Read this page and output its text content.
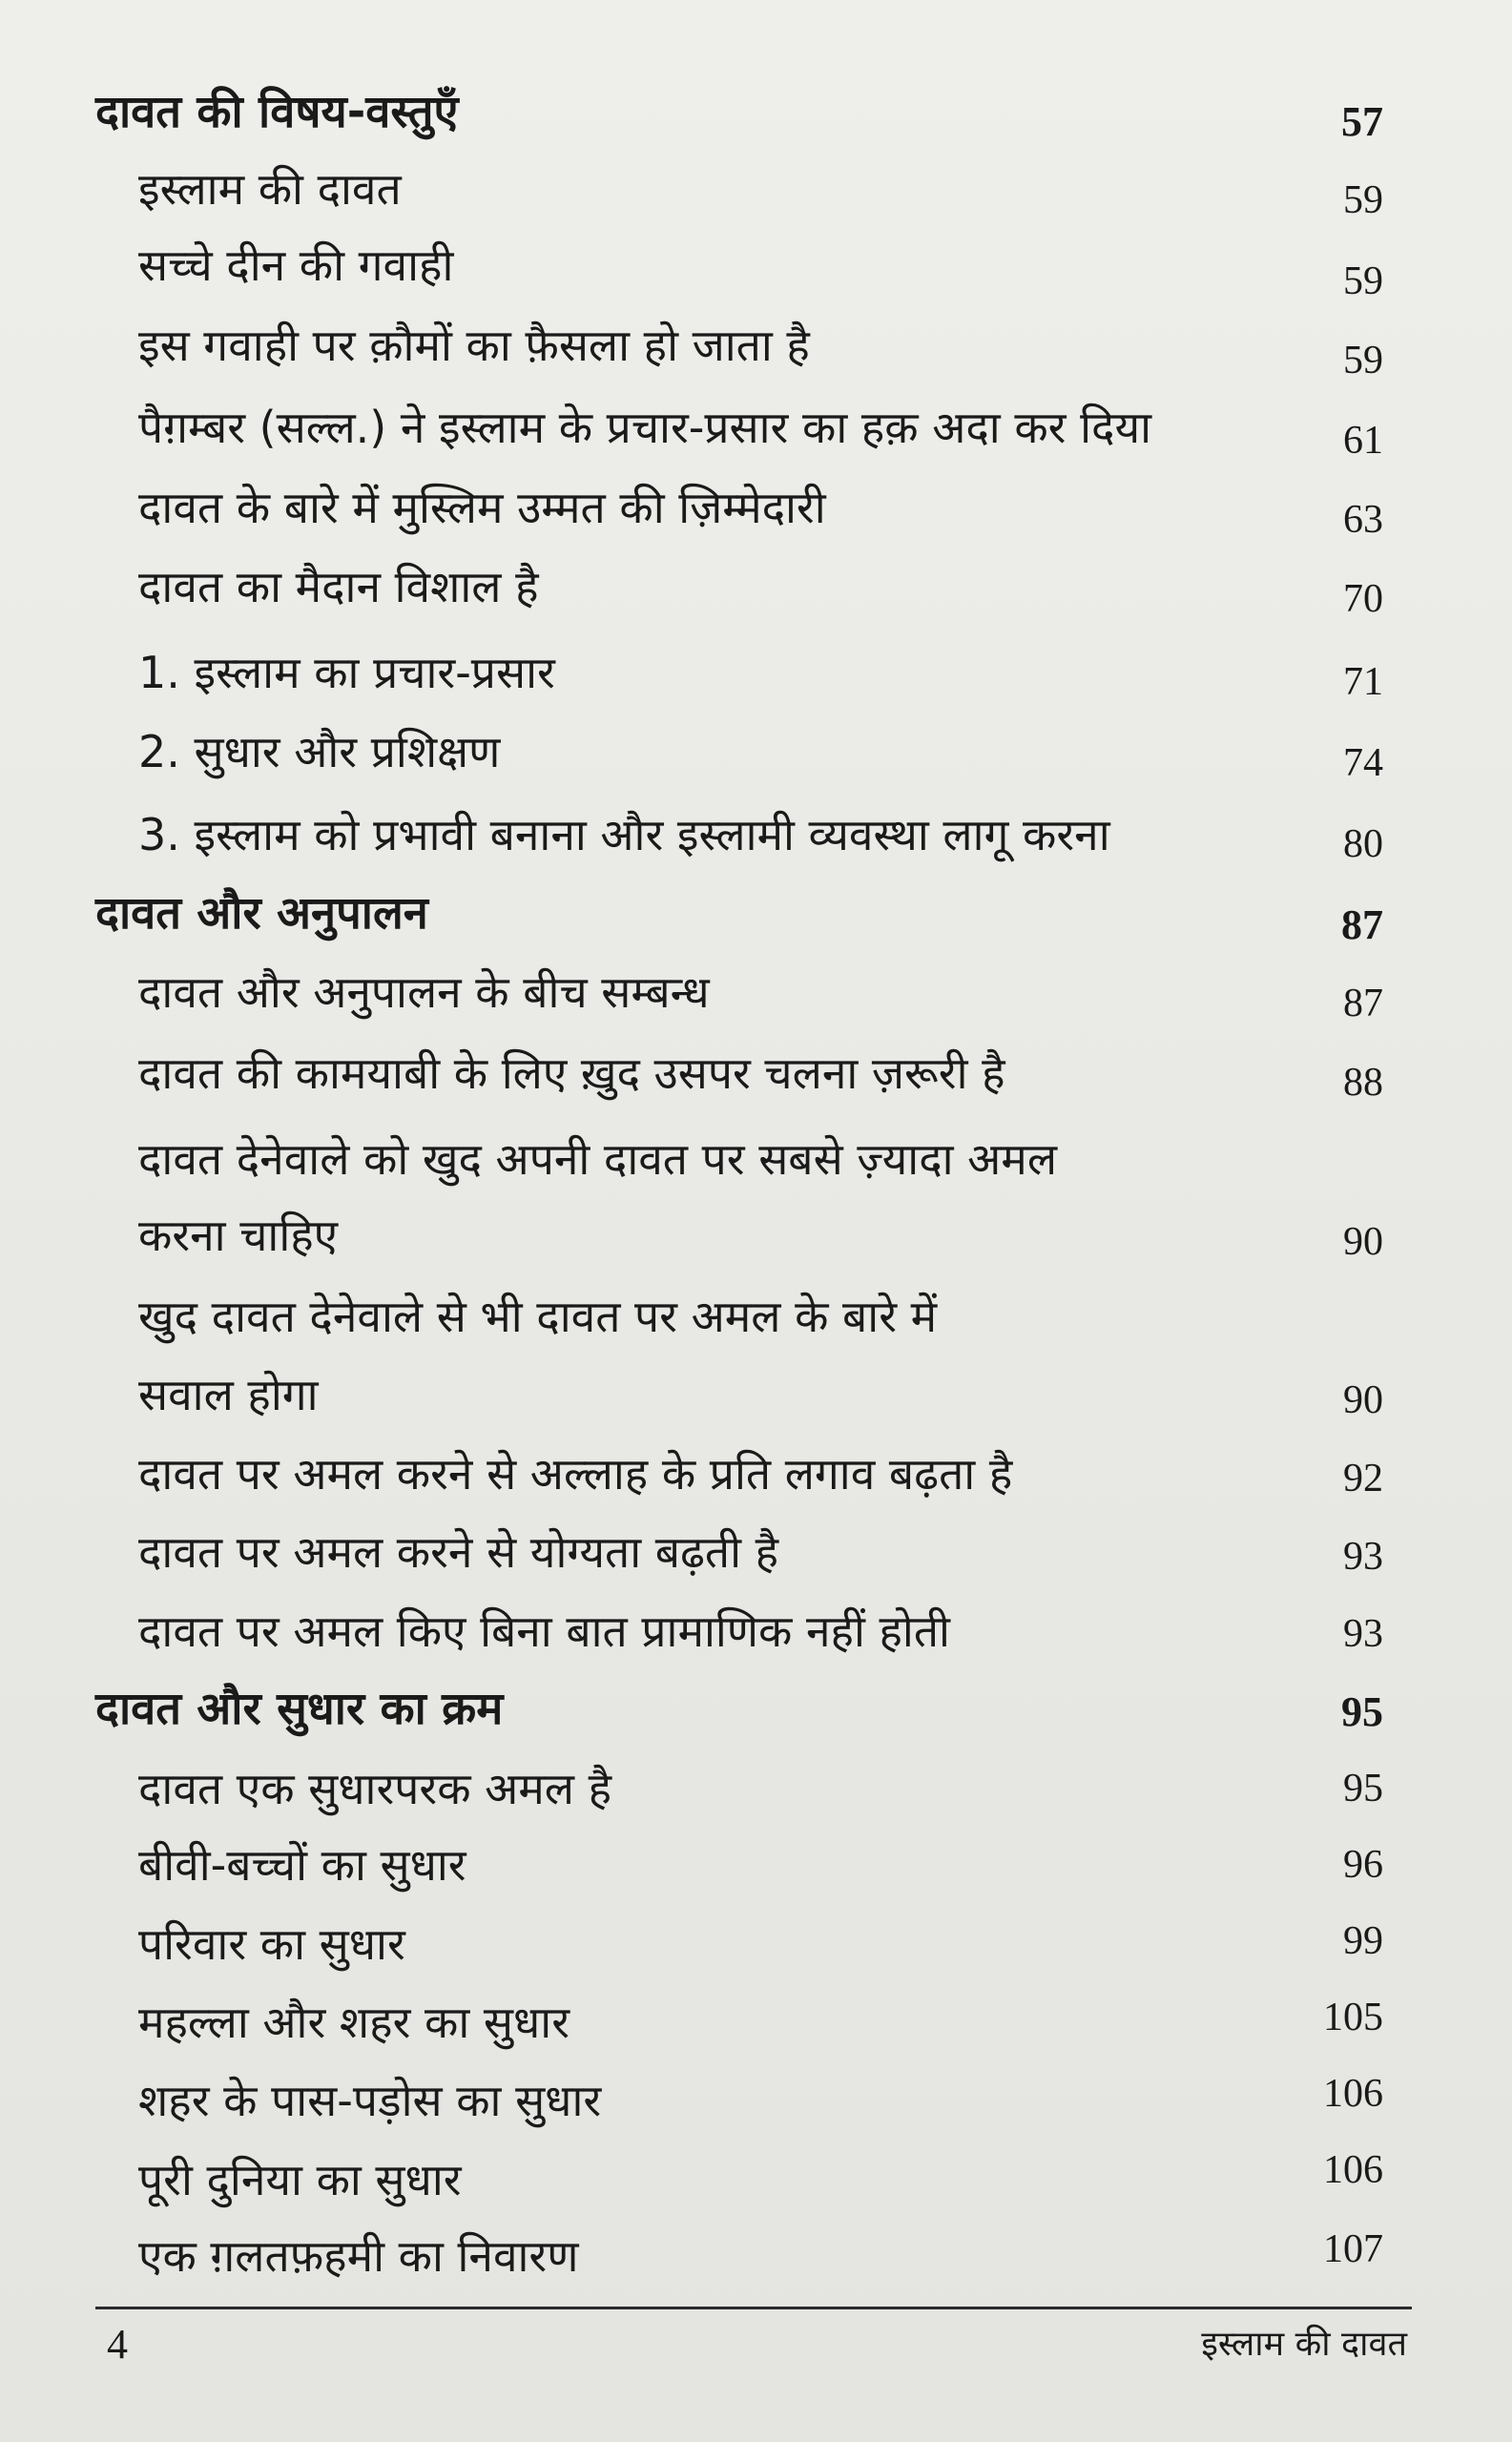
दावत की विषय-वस्तुएँ	57
इस्लाम की दावत	59
सच्चे दीन की गवाही	59
इस गवाही पर क़ौमों का फ़ैसला हो जाता है	59
पैग़म्बर (सल्ल.) ने इस्लाम के प्रचार-प्रसार का हक़ अदा कर दिया	61
दावत के बारे में मुस्लिम उम्मत की ज़िम्मेदारी	63
दावत का मैदान विशाल है	70
1. इस्लाम का प्रचार-प्रसार	71
2. सुधार और प्रशिक्षण	74
3. इस्लाम को प्रभावी बनाना और इस्लामी व्यवस्था लागू करना	80
दावत और अनुपालन	87
दावत और अनुपालन के बीच सम्बन्ध	87
दावत की कामयाबी के लिए ख़ुद उसपर चलना ज़रूरी है	88
दावत देनेवाले को खुद अपनी दावत पर सबसे ज़्यादा अमल
करना चाहिए	90
खुद दावत देनेवाले से भी दावत पर अमल के बारे में
सवाल होगा	90
दावत पर अमल करने से अल्लाह के प्रति लगाव बढ़ता है	92
दावत पर अमल करने से योग्यता बढ़ती है	93
दावत पर अमल किए बिना बात प्रामाणिक नहीं होती	93
दावत और सुधार का क्रम	95
दावत एक सुधारपरक अमल है	95
बीवी-बच्चों का सुधार	96
परिवार का सुधार	99
महल्ला और शहर का सुधार	105
शहर के पास-पड़ोस का सुधार	106
पूरी दुनिया का सुधार	106
एक ग़लतफ़हमी का निवारण	107
4	इस्लाम की दावत
